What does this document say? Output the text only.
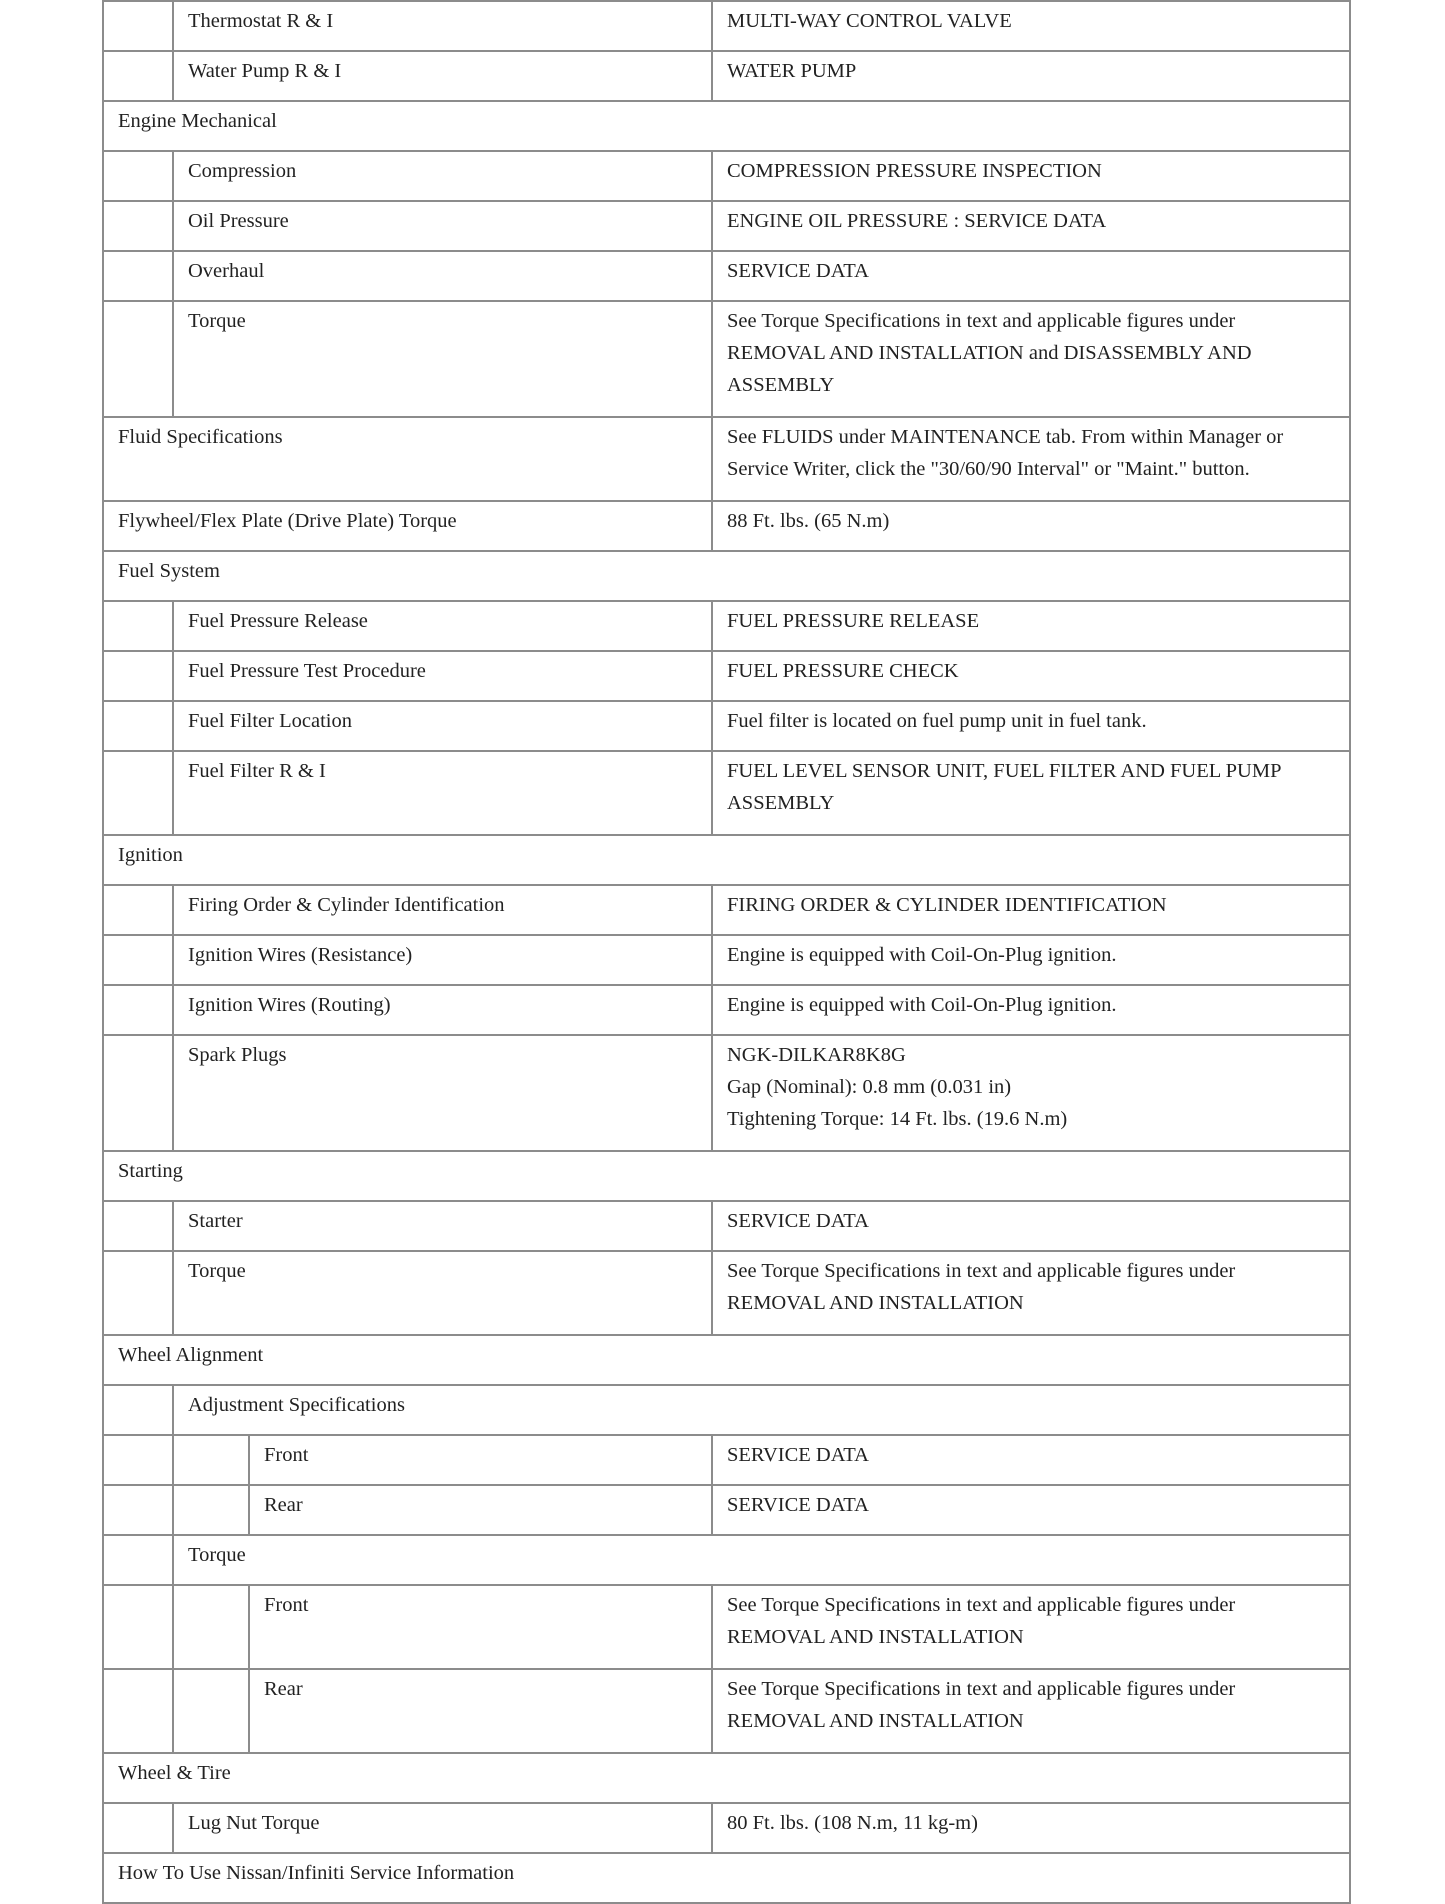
	Thermostat R & I		MULTI-WAY CONTROL VALVE
	Water Pump R & I		WATER PUMP
Engine Mechanical			
	Compression		COMPRESSION PRESSURE INSPECTION
	Oil Pressure		ENGINE OIL PRESSURE : SERVICE DATA
	Overhaul		SERVICE DATA
	Torque		See Torque Specifications in text and applicable figures under
REMOVAL AND INSTALLATION and DISASSEMBLY AND
ASSEMBLY
Fluid Specifications			See FLUIDS under MAINTENANCE tab. From within Manager or
Service Writer, click the "30/60/90 Interval" or "Maint." button.
Flywheel/Flex Plate (Drive Plate) Torque			88 Ft. lbs. (65 N.m)
Fuel System			
	Fuel Pressure Release		FUEL PRESSURE RELEASE
	Fuel Pressure Test Procedure		FUEL PRESSURE CHECK
	Fuel Filter Location		Fuel filter is located on fuel pump unit in fuel tank.
	Fuel Filter R & I		FUEL LEVEL SENSOR UNIT, FUEL FILTER AND FUEL PUMP
ASSEMBLY
Ignition			
	Firing Order & Cylinder Identification		FIRING ORDER & CYLINDER IDENTIFICATION
	Ignition Wires (Resistance)		Engine is equipped with Coil-On-Plug ignition.
	Ignition Wires (Routing)		Engine is equipped with Coil-On-Plug ignition.
	Spark Plugs		NGK-DILKAR8K8G
Gap (Nominal): 0.8 mm (0.031 in)
Tightening Torque: 14 Ft. lbs. (19.6 N.m)
Starting			
	Starter		SERVICE DATA
	Torque		See Torque Specifications in text and applicable figures under
REMOVAL AND INSTALLATION
Wheel Alignment			
	Adjustment Specifications		
		Front	SERVICE DATA
		Rear	SERVICE DATA
	Torque		
		Front	See Torque Specifications in text and applicable figures under
REMOVAL AND INSTALLATION
		Rear	See Torque Specifications in text and applicable figures under
REMOVAL AND INSTALLATION
Wheel & Tire			
	Lug Nut Torque		80 Ft. lbs. (108 N.m, 11 kg-m)
How To Use Nissan/Infiniti Service Information			
